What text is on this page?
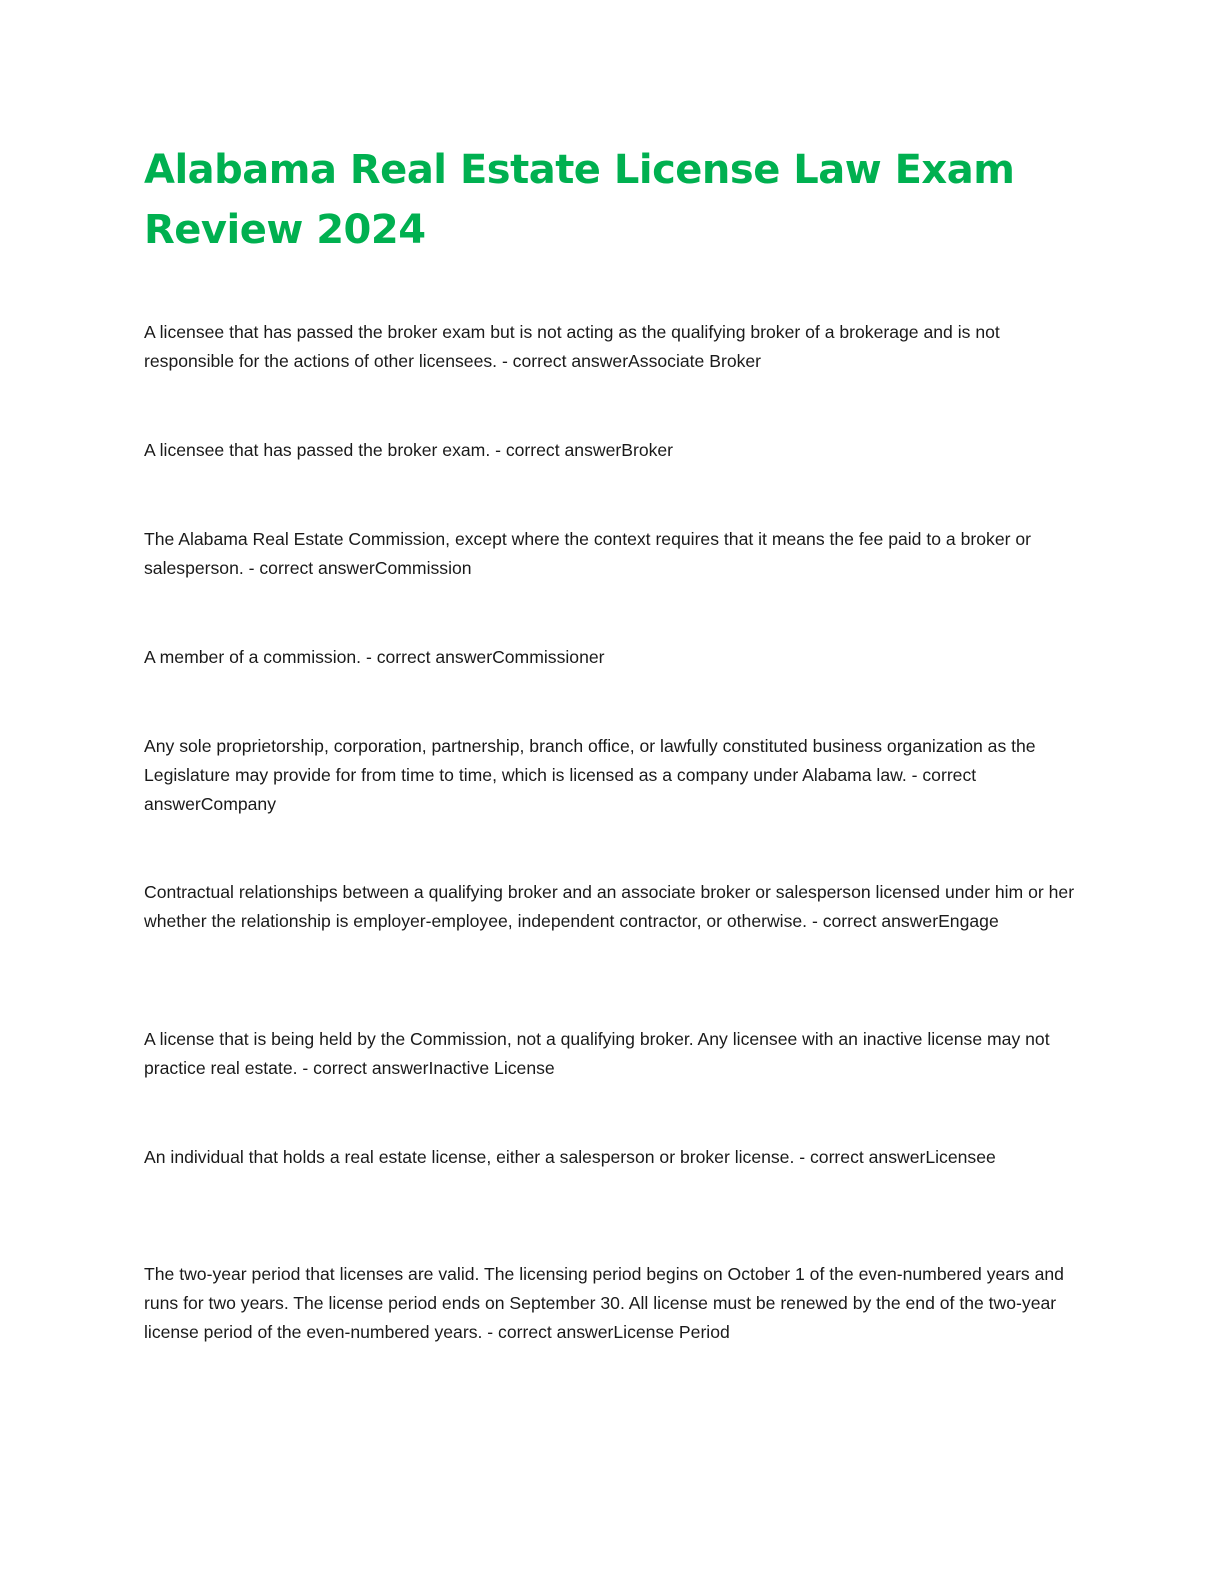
Alabama Real Estate License Law Exam Review 2024

A licensee that has passed the broker exam but is not acting as the qualifying broker of a brokerage and is not responsible for the actions of other licensees. - correct answerAssociate Broker

A licensee that has passed the broker exam. - correct answerBroker

The Alabama Real Estate Commission, except where the context requires that it means the fee paid to a broker or salesperson. - correct answerCommission

A member of a commission. - correct answerCommissioner

Any sole proprietorship, corporation, partnership, branch office, or lawfully constituted business organization as the Legislature may provide for from time to time, which is licensed as a company under Alabama law. - correct answerCompany

Contractual relationships between a qualifying broker and an associate broker or salesperson licensed under him or her whether the relationship is employer-employee, independent contractor, or otherwise. - correct answerEngage

A license that is being held by the Commission, not a qualifying broker. Any licensee with an inactive license may not practice real estate. - correct answerInactive License

An individual that holds a real estate license, either a salesperson or broker license. - correct answerLicensee

The two-year period that licenses are valid. The licensing period begins on October 1 of the even-numbered years and runs for two years. The license period ends on September 30. All license must be renewed by the end of the two-year license period of the even-numbered years. - correct answerLicense Period
